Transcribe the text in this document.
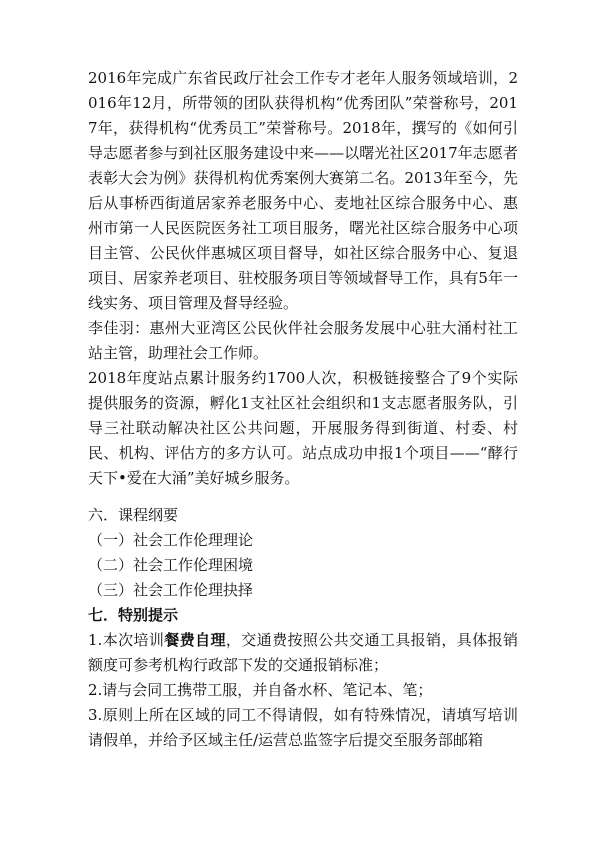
2016年完成广东省民政厅社会工作专才老年人服务领域培训，2016年12月，所带领的团队获得机构“优秀团队”荣誉称号，2017年，获得机构“优秀员工”荣誉称号。2018年，撰写的《如何引导志愿者参与到社区服务建设中来——以曙光社区2017年志愿者表彰大会为例》获得机构优秀案例大赛第二名。2013年至今，先后从事桥西街道居家养老服务中心、麦地社区综合服务中心、惠州市第一人民医院医务社工项目服务，曙光社区综合服务中心项目主管、公民伙伴惠城区项目督导，如社区综合服务中心、复退项目、居家养老项目、驻校服务项目等领域督导工作，具有5年一线实务、项目管理及督导经验。

李佳羽：惠州大亚湾区公民伙伴社会服务发展中心驻大涌村社工站主管，助理社会工作师。

2018年度站点累计服务约1700人次，积极链接整合了9个实际提供服务的资源，孵化1支社区社会组织和1支志愿者服务队，引导三社联动解决社区公共问题，开展服务得到街道、村委、村民、机构、评估方的多方认可。站点成功申报1个项目——“酵行天下•爱在大涌”美好城乡服务。

六．课程纲要

（一）社会工作伦理理论

（二）社会工作伦理困境

（三）社会工作伦理抉择

七．特别提示

1.本次培训餐费自理，交通费按照公共交通工具报销，具体报销额度可参考机构行政部下发的交通报销标准；

2.请与会同工携带工服，并自备水杯、笔记本、笔；

3.原则上所在区域的同工不得请假，如有特殊情况，请填写培训请假单，并给予区域主任/运营总监签字后提交至服务部邮箱
